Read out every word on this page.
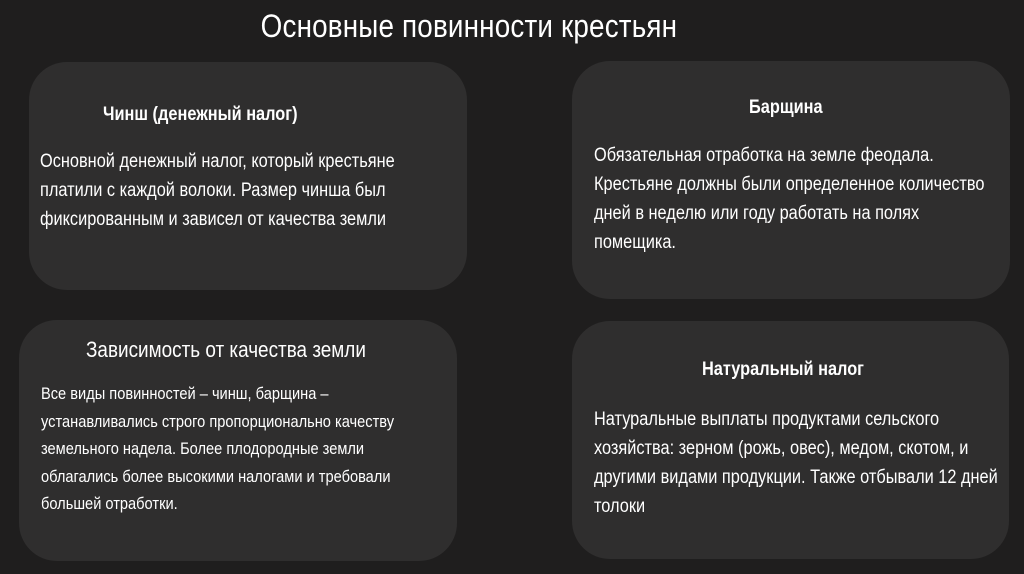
Основные повинности крестьян
Чинш (денежный налог)

Основной денежный налог, который крестьяне платили с каждой волоки. Размер чинша был фиксированным и зависел от качества земли

Барщина

Обязательная отработка на земле феодала. Крестьяне должны были определенное количество дней в неделю или году работать на полях помещика.

Зависимость от качества земли

Все виды повинностей – чинш, барщина – устанавливались строго пропорционально качеству земельного надела. Более плодородные земли облагались более высокими налогами и требовали большей отработки.

Натуральный налог

Натуральные выплаты продуктами сельского хозяйства: зерном (рожь, овес), медом, скотом, и другими видами продукции. Также отбывали 12 дней толоки
